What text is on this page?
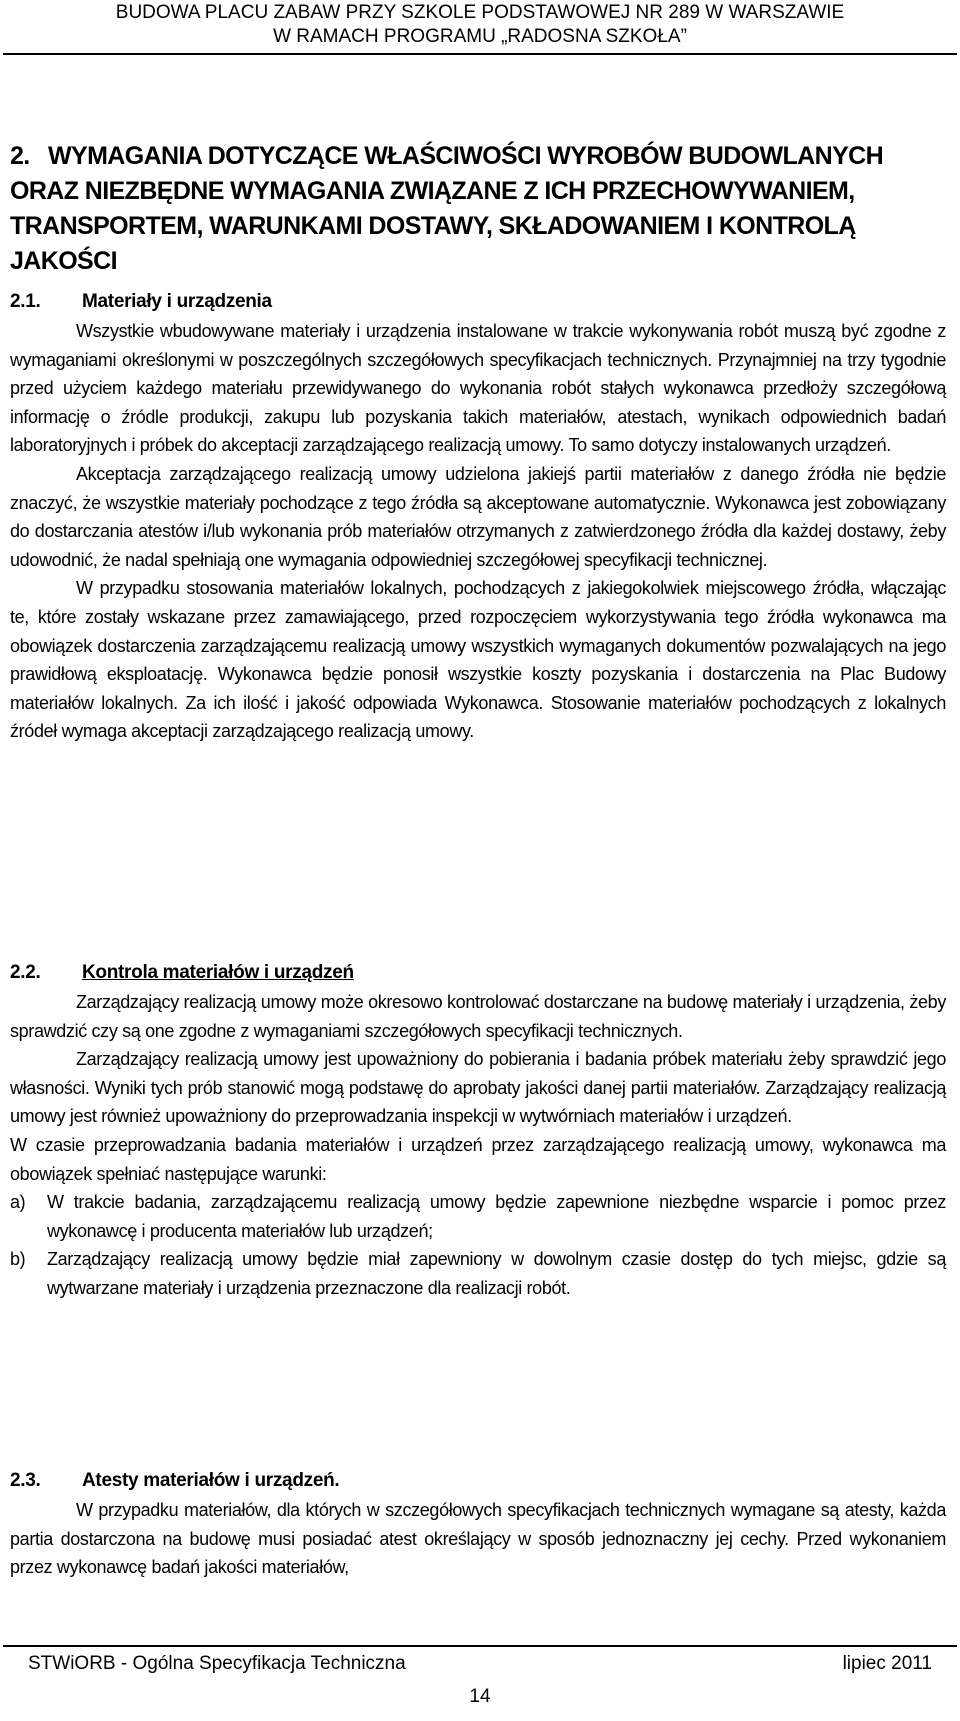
BUDOWA PLACU ZABAW PRZY SZKOLE PODSTAWOWEJ NR 289 W WARSZAWIE
W RAMACH PROGRAMU „RADOSNA SZKOŁA”
2. WYMAGANIA DOTYCZĄCE WŁAŚCIWOŚCI WYROBÓW BUDOWLANYCH ORAZ NIEZBĘDNE WYMAGANIA ZWIĄZANE Z ICH PRZECHOWYWANIEM, TRANSPORTEM, WARUNKAMI DOSTAWY, SKŁADOWANIEM I KONTROLĄ JAKOŚCI
2.1. Materiały i urządzenia

Wszystkie wbudowywane materiały i urządzenia instalowane w trakcie wykonywania robót muszą być zgodne z wymaganiami określonymi w poszczególnych szczegółowych specyfikacjach technicznych. Przynajmniej na trzy tygodnie przed użyciem każdego materiału przewidywanego do wykonania robót stałych wykonawca przedłoży szczegółową informację o źródle produkcji, zakupu lub pozyskania takich materiałów, atestach, wynikach odpowiednich badań laboratoryjnych i próbek do akceptacji zarządzającego realizacją umowy. To samo dotyczy instalowanych urządzeń.

Akceptacja zarządzającego realizacją umowy udzielona jakiejś partii materiałów z danego źródła nie będzie znaczyć, że wszystkie materiały pochodzące z tego źródła są akceptowane automatycznie. Wykonawca jest zobowiązany do dostarczania atestów i/lub wykonania prób materiałów otrzymanych z zatwierdzonego źródła dla każdej dostawy, żeby udowodnić, że nadal spełniają one wymagania odpowiedniej szczegółowej specyfikacji technicznej.

W przypadku stosowania materiałów lokalnych, pochodzących z jakiegokolwiek miejscowego źródła, włączając te, które zostały wskazane przez zamawiającego, przed rozpoczęciem wykorzystywania tego źródła wykonawca ma obowiązek dostarczenia zarządzającemu realizacją umowy wszystkich wymaganych dokumentów pozwalających na jego prawidłową eksploatację. Wykonawca będzie ponosił wszystkie koszty pozyskania i dostarczenia na Plac Budowy materiałów lokalnych. Za ich ilość i jakość odpowiada Wykonawca. Stosowanie materiałów pochodzących z lokalnych źródeł wymaga akceptacji zarządzającego realizacją umowy.

2.2. Kontrola materiałów i urządzeń

Zarządzający realizacją umowy może okresowo kontrolować dostarczane na budowę materiały i urządzenia, żeby sprawdzić czy są one zgodne z wymaganiami szczegółowych specyfikacji technicznych.

Zarządzający realizacją umowy jest upoważniony do pobierania i badania próbek materiału żeby sprawdzić jego własności. Wyniki tych prób stanowić mogą podstawę do aprobaty jakości danej partii materiałów. Zarządzający realizacją umowy jest również upoważniony do przeprowadzania inspekcji w wytwórniach materiałów i urządzeń.

W czasie przeprowadzania badania materiałów i urządzeń przez zarządzającego realizacją umowy, wykonawca ma obowiązek spełniać następujące warunki:

a)	W trakcie badania, zarządzającemu realizacją umowy będzie zapewnione niezbędne wsparcie i pomoc przez wykonawcę i producenta materiałów lub urządzeń;
b)	Zarządzający realizacją umowy będzie miał zapewniony w dowolnym czasie dostęp do tych miejsc, gdzie są wytwarzane materiały i urządzenia przeznaczone dla realizacji robót.
2.3. Atesty materiałów i urządzeń.

W przypadku materiałów, dla których w szczegółowych specyfikacjach technicznych wymagane są atesty, każda partia dostarczona na budowę musi posiadać atest określający w sposób jednoznaczny jej cechy. Przed wykonaniem przez wykonawcę badań jakości materiałów,

STWiORB - Ogólna Specyfikacja Techniczna	lipiec 2011
14
